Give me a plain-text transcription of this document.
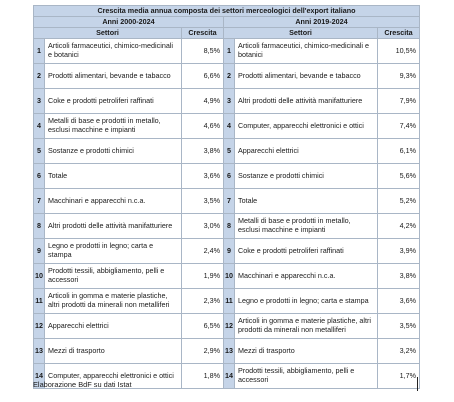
Crescita media annua composta dei settori merceologici dell'export italiano					
Anni 2000-2024			Anni 2019-2024		
Settori		Crescita	Settori		Crescita
1	Articoli farmaceutici, chimico-medicinali e botanici	8,5%	1	Articoli farmaceutici, chimico-medicinali e botanici	10,5%
2	Prodotti alimentari, bevande e tabacco	6,6%	2	Prodotti alimentari, bevande e tabacco	9,3%
3	Coke e prodotti petroliferi raffinati	4,9%	3	Altri prodotti delle attività manifatturiere	7,9%
4	Metalli di base e prodotti in metallo, esclusi macchine e impianti	4,6%	4	Computer, apparecchi elettronici e ottici	7,4%
5	Sostanze e prodotti chimici	3,8%	5	Apparecchi elettrici	6,1%
6	Totale	3,6%	6	Sostanze e prodotti chimici	5,6%
7	Macchinari e apparecchi n.c.a.	3,5%	7	Totale	5,2%
8	Altri prodotti delle attività manifatturiere	3,0%	8	Metalli di base e prodotti in metallo, esclusi macchine e impianti	4,2%
9	Legno e prodotti in legno; carta e stampa	2,4%	9	Coke e prodotti petroliferi raffinati	3,9%
10	Prodotti tessili, abbigliamento, pelli e accessori	1,9%	10	Macchinari e apparecchi n.c.a.	3,8%
11	Articoli in gomma e materie plastiche, altri prodotti da minerali non metalliferi	2,3%	11	Legno e prodotti in legno; carta e stampa	3,6%
12	Apparecchi elettrici	6,5%	12	Articoli in gomma e materie plastiche, altri prodotti da minerali non metalliferi	3,5%
13	Mezzi di trasporto	2,9%	13	Mezzi di trasporto	3,2%
14	Computer, apparecchi elettronici e ottici	1,8%	14	Prodotti tessili, abbigliamento, pelli e accessori	1,7%
Elaborazione BdF su dati Istat
